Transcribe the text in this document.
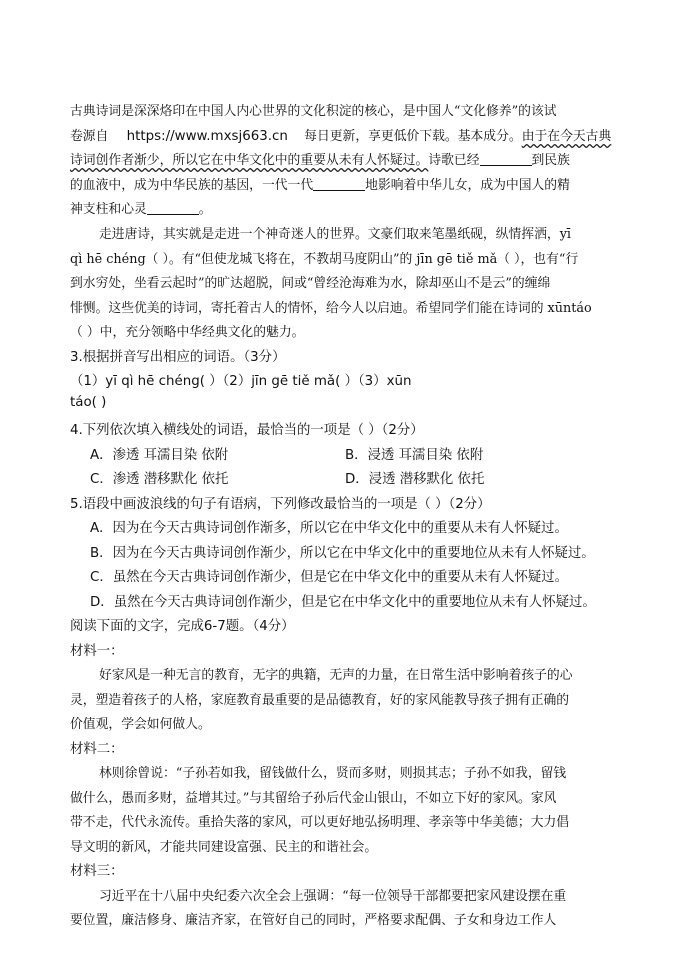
古典诗词是深深烙印在中国人内心世界的文化积淀的核心，是中国人“文化修养”的该试
卷源自 https://www.mxsj663.cn 每日更新，享更低价下载。基本成分。由于在今天古典
诗词创作者渐少，所以它在中华文化中的重要从未有人怀疑过。诗歌已经	到民族
的血液中，成为中华民族的基因，一代一代	地影响着中华儿女，成为中国人的精
神支柱和心灵	。
走进唐诗，其实就是走进一个神奇迷人的世界。文豪们取来笔墨纸砚，纵情挥洒，yī
qì hē chéng（ ）。有“但使龙城飞将在，不教胡马度阴山”的 jīn gē tiě mǎ（ ），也有“行
到水穷处，坐看云起时”的旷达超脱，间或“曾经沧海难为水，除却巫山不是云”的缠绵
悱恻。这些优美的诗词，寄托着古人的情怀，给今人以启迪。希望同学们能在诗词的 xūntáo
（ ）中，充分领略中华经典文化的魅力。
3.根据拼音写出相应的词语。（3分）
（1）yī qì hē chéng( ）（2）jīn gē tiě mǎ( ）（3）xūn
táo( )
4.下列依次填入横线处的词语，最恰当的一项是（ ）（2分）
A．渗透 耳濡目染 依附	B．浸透 耳濡目染 依附
C．渗透 潜移默化 依托	D．浸透 潜移默化 依托
5.语段中画波浪线的句子有语病，下列修改最恰当的一项是（ ）（2分）
A．因为在今天古典诗词创作渐多，所以它在中华文化中的重要从未有人怀疑过。
B．因为在今天古典诗词创作渐少，所以它在中华文化中的重要地位从未有人怀疑过。
C．虽然在今天古典诗词创作渐少，但是它在中华文化中的重要从未有人怀疑过。
D．虽然在今天古典诗词创作渐少，但是它在中华文化中的重要地位从未有人怀疑过。
阅读下面的文字，完成6-7题。（4分）
材料一：
好家风是一种无言的教育，无字的典籍，无声的力量，在日常生活中影响着孩子的心
灵，塑造着孩子的人格，家庭教育最重要的是品德教育，好的家风能教导孩子拥有正确的
价值观，学会如何做人。
材料二：
林则徐曾说：“子孙若如我，留钱做什么，贤而多财，则损其志；子孙不如我，留钱
做什么，愚而多财，益增其过。”与其留给子孙后代金山银山，不如立下好的家风。家风
带不走，代代永流传。重拾失落的家风，可以更好地弘扬明理、孝亲等中华美德；大力倡
导文明的新风，才能共同建设富强、民主的和谐社会。
材料三：
习近平在十八届中央纪委六次全会上强调：“每一位领导干部都要把家风建设摆在重
要位置，廉洁修身、廉洁齐家，在管好自己的同时，严格要求配偶、子女和身边工作人
